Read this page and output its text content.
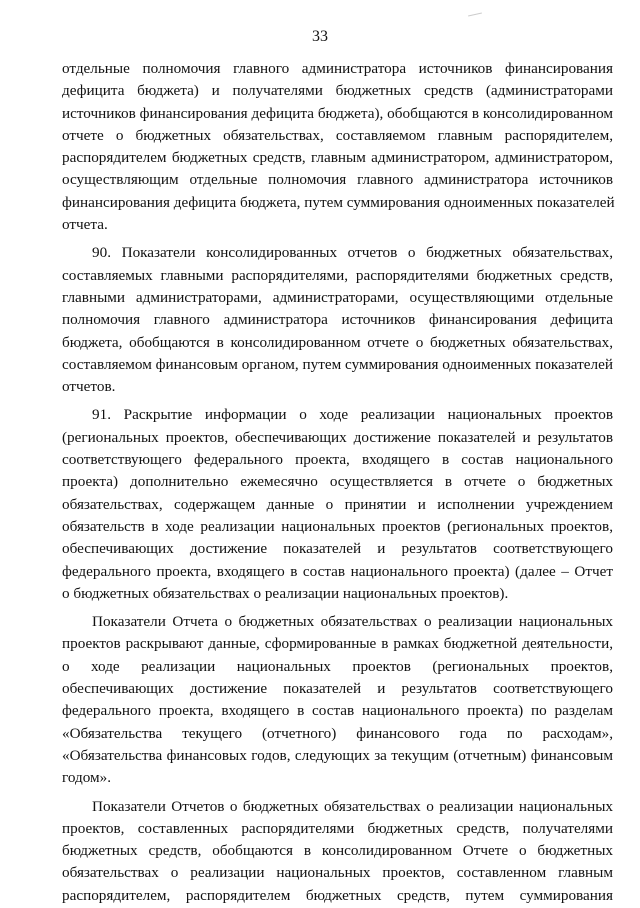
33
отдельные полномочия главного администратора источников финансирования
дефицита бюджета) и получателями бюджетных средств (администраторами
источников финансирования дефицита бюджета), обобщаются в консолидированном
отчете о бюджетных обязательствах, составляемом главным распорядителем,
распорядителем бюджетных средств, главным администратором, администратором,
осуществляющим отдельные полномочия главного администратора источников
финансирования дефицита бюджета, путем суммирования одноименных показателей
отчета.
90. Показатели консолидированных отчетов о бюджетных обязательствах,
составляемых главными распорядителями, распорядителями бюджетных средств,
главными администраторами, администраторами, осуществляющими отдельные
полномочия главного администратора источников финансирования дефицита
бюджета, обобщаются в консолидированном отчете о бюджетных обязательствах,
составляемом финансовым органом, путем суммирования одноименных показателей
отчетов.
91. Раскрытие информации о ходе реализации национальных проектов
(региональных проектов, обеспечивающих достижение показателей и результатов
соответствующего федерального проекта, входящего в состав национального
проекта) дополнительно ежемесячно осуществляется в отчете о бюджетных
обязательствах, содержащем данные о принятии и исполнении учреждением
обязательств в ходе реализации национальных проектов (региональных проектов,
обеспечивающих достижение показателей и результатов соответствующего
федерального проекта, входящего в состав национального проекта) (далее – Отчет
о бюджетных обязательствах о реализации национальных проектов).
Показатели Отчета о бюджетных обязательствах о реализации национальных
проектов раскрывают данные, сформированные в рамках бюджетной деятельности,
о ходе реализации национальных проектов (региональных проектов,
обеспечивающих достижение показателей и результатов соответствующего
федерального проекта, входящего в состав национального проекта) по разделам
«Обязательства текущего (отчетного) финансового года по расходам»,
«Обязательства финансовых годов, следующих за текущим (отчетным) финансовым
годом».
Показатели Отчетов о бюджетных обязательствах о реализации национальных
проектов, составленных распорядителями бюджетных средств, получателями
бюджетных средств, обобщаются в консолидированном Отчете о бюджетных
обязательствах о реализации национальных проектов, составленном главным
распорядителем, распорядителем бюджетных средств, путем суммирования
